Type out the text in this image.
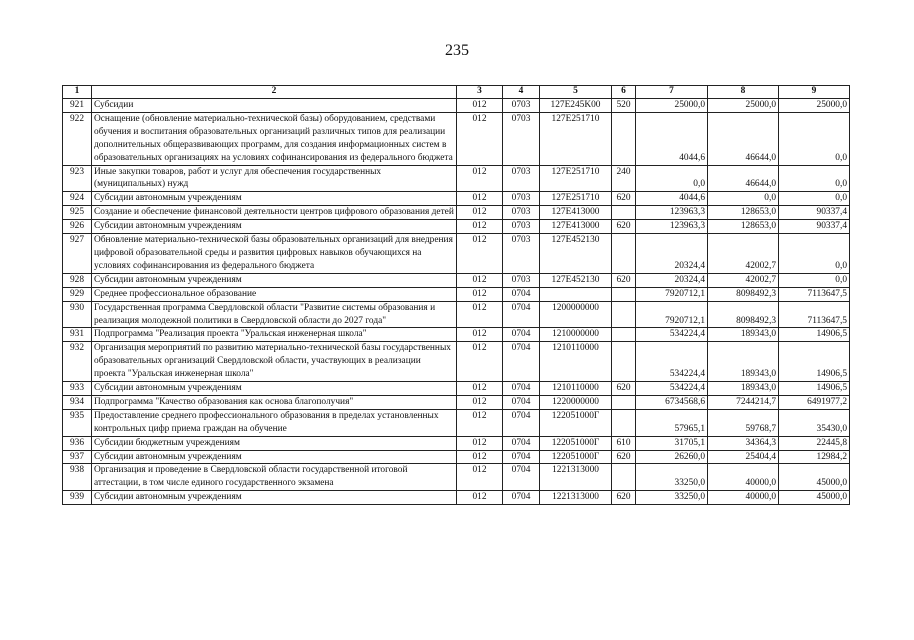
235
1	2	3	4	5	6	7	8	9
921	Субсидии	012	0703	127E245K00	520	25000,0	25000,0	25000,0
922	Оснащение (обновление материально-технической базы) оборудованием, средствами обучения и воспитания образовательных организаций различных типов для реализации дополнительных общеразвивающих программ, для создания информационных систем в образовательных организациях на условиях софинансирования из федерального бюджета	012	0703	127E251710		4044,6	46644,0	0,0
923	Иные закупки товаров, работ и услуг для обеспечения государственных (муниципальных) нужд	012	0703	127E251710	240	0,0	46644,0	0,0
924	Субсидии автономным учреждениям	012	0703	127E251710	620	4044,6	0,0	0,0
925	Создание и обеспечение финансовой деятельности центров цифрового образования детей	012	0703	127E413000		123963,3	128653,0	90337,4
926	Субсидии автономным учреждениям	012	0703	127E413000	620	123963,3	128653,0	90337,4
927	Обновление материально-технической базы образовательных организаций для внедрения цифровой образовательной среды и развития цифровых навыков обучающихся на условиях софинансирования из федерального бюджета	012	0703	127E452130		20324,4	42002,7	0,0
928	Субсидии автономным учреждениям	012	0703	127E452130	620	20324,4	42002,7	0,0
929	Среднее профессиональное образование	012	0704			7920712,1	8098492,3	7113647,5
930	Государственная программа Свердловской области "Развитие системы образования и реализация молодежной политики в Свердловской области до 2027 года"	012	0704	1200000000		7920712,1	8098492,3	7113647,5
931	Подпрограмма "Реализация проекта "Уральская инженерная школа"	012	0704	1210000000		534224,4	189343,0	14906,5
932	Организация мероприятий по развитию материально-технической базы государственных образовательных организаций Свердловской области, участвующих в реализации проекта "Уральская инженерная школа"	012	0704	1210110000		534224,4	189343,0	14906,5
933	Субсидии автономным учреждениям	012	0704	1210110000	620	534224,4	189343,0	14906,5
934	Подпрограмма "Качество образования как основа благополучия"	012	0704	1220000000		6734568,6	7244214,7	6491977,2
935	Предоставление среднего профессионального образования в пределах установленных контрольных цифр приема граждан на обучение	012	0704	122051000Г		57965,1	59768,7	35430,0
936	Субсидии бюджетным учреждениям	012	0704	122051000Г	610	31705,1	34364,3	22445,8
937	Субсидии автономным учреждениям	012	0704	122051000Г	620	26260,0	25404,4	12984,2
938	Организация и проведение в Свердловской области государственной итоговой аттестации, в том числе единого государственного экзамена	012	0704	1221313000		33250,0	40000,0	45000,0
939	Субсидии автономным учреждениям	012	0704	1221313000	620	33250,0	40000,0	45000,0
